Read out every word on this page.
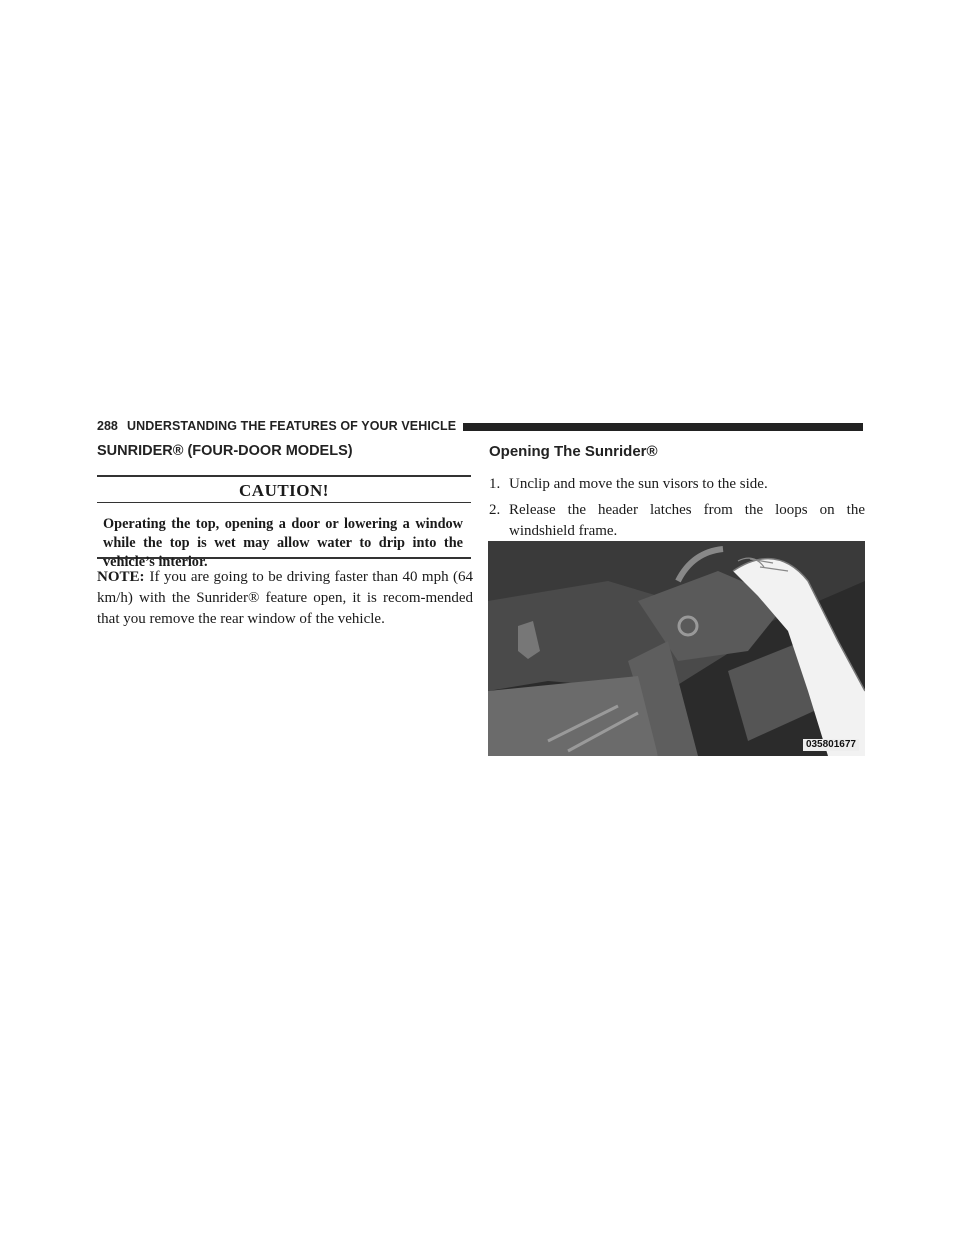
288 UNDERSTANDING THE FEATURES OF YOUR VEHICLE
SUNRIDER® (FOUR-DOOR MODELS)
CAUTION!
Operating the top, opening a door or lowering a window while the top is wet may allow water to drip into the vehicle’s interior.
NOTE: If you are going to be driving faster than 40 mph (64 km/h) with the Sunrider® feature open, it is recom-mended that you remove the rear window of the vehicle.
Opening The Sunrider®
1. Unclip and move the sun visors to the side.
2. Release the header latches from the loops on the windshield frame.
035801677
